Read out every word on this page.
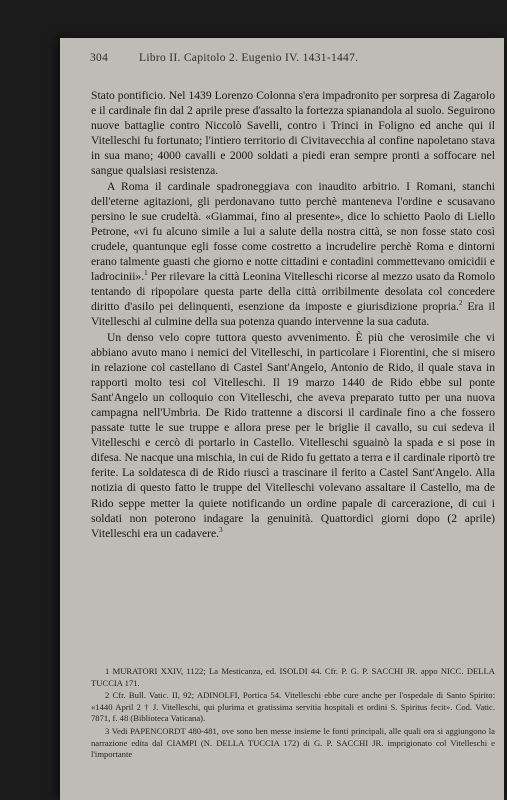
304	Libro II. Capitolo 2. Eugenio IV. 1431-1447.

Stato pontificio. Nel 1439 Lorenzo Colonna s'era impadronito per sorpresa di Zagarolo e il cardinale fin dal 2 aprile prese d'assalto la fortezza spianandola al suolo. Seguirono nuove battaglie contro Niccolò Savelli, contro i Trinci in Foligno ed anche qui il Vitelleschi fu fortunato; l'intiero territorio di Civitavecchia al confine napoletano stava in sua mano; 4000 cavalli e 2000 soldati a piedi eran sempre pronti a soffocare nel sangue qualsiasi resistenza.

A Roma il cardinale spadroneggiava con inaudito arbitrio. I Romani, stanchi dell'eterne agitazioni, gli perdonavano tutto perchè manteneva l'ordine e scusavano persino le sue crudeltà. «Giammai, fino al presente», dice lo schietto Paolo di Liello Petrone, «vi fu alcuno simile a lui a salute della nostra città, se non fosse stato così crudele, quantunque egli fosse come costretto a incrudelire perchè Roma e dintorni erano talmente guasti che giorno e notte cittadini e contadini commettevano omicidii e ladrocinii».$^1$ Per rilevare la città Leonina Vitelleschi ricorse al mezzo usato da Romolo tentando di ripopolare questa parte della città orribilmente desolata col concedere diritto d'asilo pei delinquenti, esenzione da imposte e giurisdizione propria.$^2$ Era il Vitelleschi al culmine della sua potenza quando intervenne la sua caduta.

Un denso velo copre tuttora questo avvenimento. È più che verosimile che vi abbiano avuto mano i nemici del Vitelleschi, in particolare i Fiorentini, che si misero in relazione col castellano di Castel Sant'Angelo, Antonio de Rido, il quale stava in rapporti molto tesi col Vitelleschi. Il 19 marzo 1440 de Rido ebbe sul ponte Sant'Angelo un colloquio con Vitelleschi, che aveva preparato tutto per una nuova campagna nell'Umbria. De Rido trattenne a discorsi il cardinale fino a che fossero passate tutte le sue truppe e allora prese per le briglie il cavallo, su cui sedeva il Vitelleschi e cercò di portarlo in Castello. Vitelleschi sguainò la spada e si pose in difesa. Ne nacque una mischia, in cui de Rido fu gettato a terra e il cardinale riportò tre ferite. La soldatesca di de Rido riuscì a trascinare il ferito a Castel Sant'Angelo. Alla notizia di questo fatto le truppe del Vitelleschi volevano assaltare il Castello, ma de Rido seppe metter la quiete notificando un ordine papale di carcerazione, di cui i soldati non poterono indagare la genuinità. Quattordici giorni dopo (2 aprile) Vitelleschi era un cadavere.$^3$

1 MURATORI XXIV, 1122; La Mesticanza, ed. ISOLDI 44. Cfr. P. G. P. SACCHI JR. appo NICC. DELLA TUCCIA 171.

2 Cfr. Bull. Vatic. II, 92; ADINOLFI, Portica 54. Vitelleschi ebbe cure anche per l'ospedale di Santo Spirito: «1440 April 2 † J. Vitelleschi, qui plurima et gratissima servitia hospitali et ordini S. Spiritus fecit». Cod. Vatic. 7871, f. 48 (Biblioteca Vaticana).

3 Vedi PAPENCORDT 480-481, ove sono ben messe insieme le fonti principali, alle quali ora si aggiungono la narrazione edita dal CIAMPI (N. DELLA TUCCIA 172) di G. P. SACCHI JR. imprigionato col Vitelleschi e l'importante
